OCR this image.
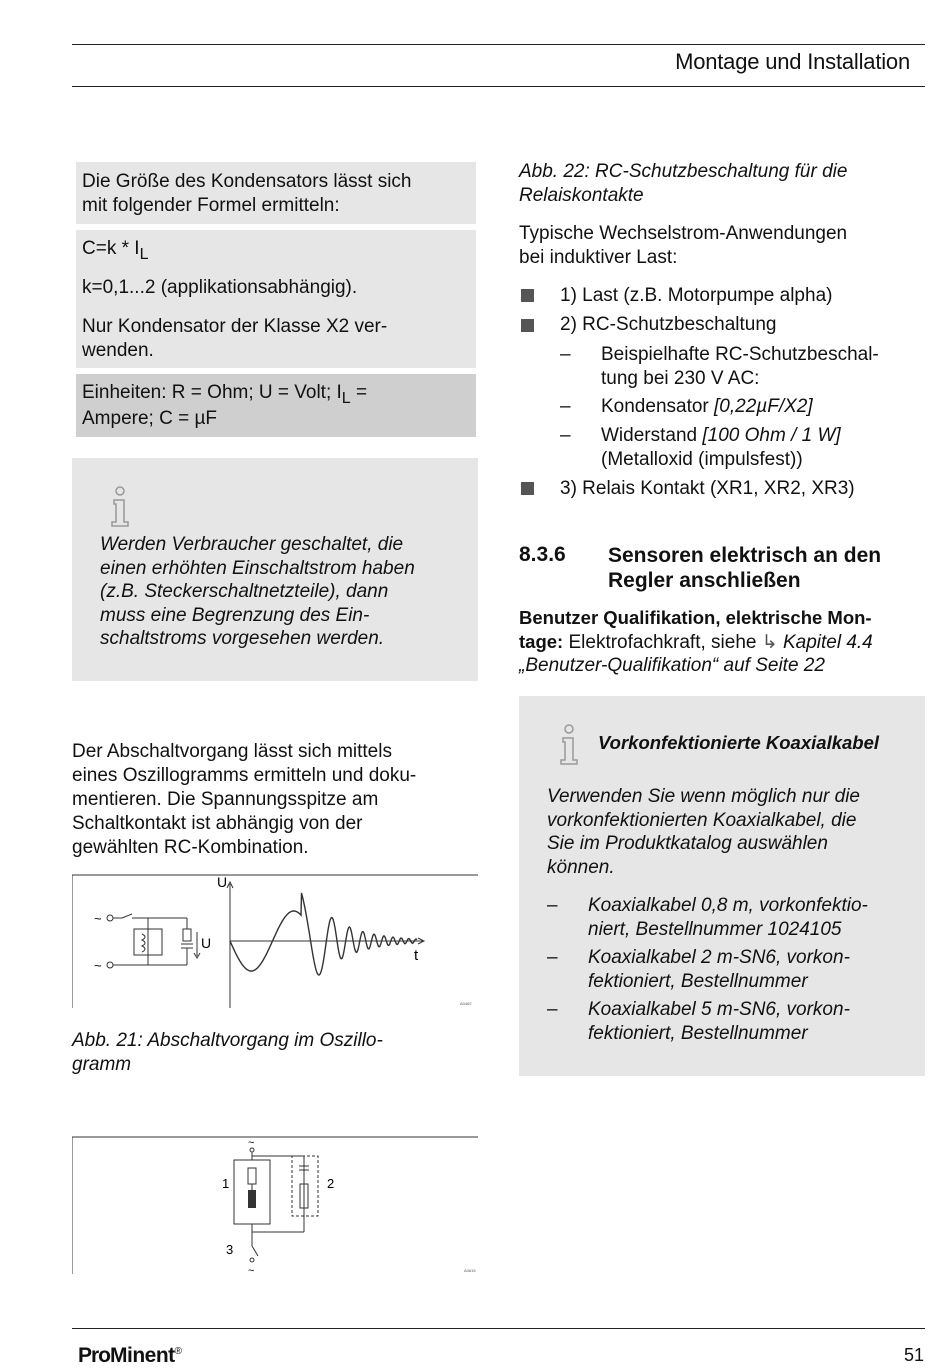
Montage und Installation
Die Größe des Kondensators lässt sich
mit folgender Formel ermitteln:
$C=k * I_L$
k=0,1...2 (applikationsabhängig).
Nur Kondensator der Klasse X2 ver-
wenden.
Einheiten: R = Ohm; U = Volt; $I_L$ =
Ampere; C = µF
Werden Verbraucher geschaltet, die
einen erhöhten Einschaltstrom haben
(z.B. Steckerschaltnetzteile), dann
muss eine Begrenzung des Ein-
schaltstroms vorgesehen werden.
Der Abschaltvorgang lässt sich mittels
eines Oszillogramms ermitteln und doku-
mentieren. Die Spannungsspitze am
Schaltkontakt ist abhängig von der
gewählten RC-Kombination.
~
~
U
U
t
A0462
Abb. 21: Abschaltvorgang im Oszillo-
gramm
~
~
1	2
3
A0615
Abb. 22: RC-Schutzbeschaltung für die
Relaiskontakte
Typische Wechselstrom-Anwendungen
bei induktiver Last:
1) Last (z.B. Motorpumpe alpha)
2) RC-Schutzbeschaltung
– Beispielhafte RC-Schutzbeschal-
tung bei 230 V AC:
– Kondensator [0,22µF/X2]
– Widerstand [100 Ohm / 1 W]
(Metalloxid (impulsfest))
3) Relais Kontakt (XR1, XR2, XR3)
8.3.6 Sensoren elektrisch an den
Regler anschließen
Benutzer Qualifikation, elektrische Mon-
tage: Elektrofachkraft, siehe ↳ Kapitel 4.4
„Benutzer-Qualifikation“ auf Seite 22
Vorkonfektionierte Koaxialkabel
Verwenden Sie wenn möglich nur die
vorkonfektionierten Koaxialkabel, die
Sie im Produktkatalog auswählen
können.
– Koaxialkabel 0,8 m, vorkonfektio-
niert, Bestellnummer 1024105
– Koaxialkabel 2 m-SN6, vorkon-
fektioniert, Bestellnummer
– Koaxialkabel 5 m-SN6, vorkon-
fektioniert, Bestellnummer
ProMinent®	51
